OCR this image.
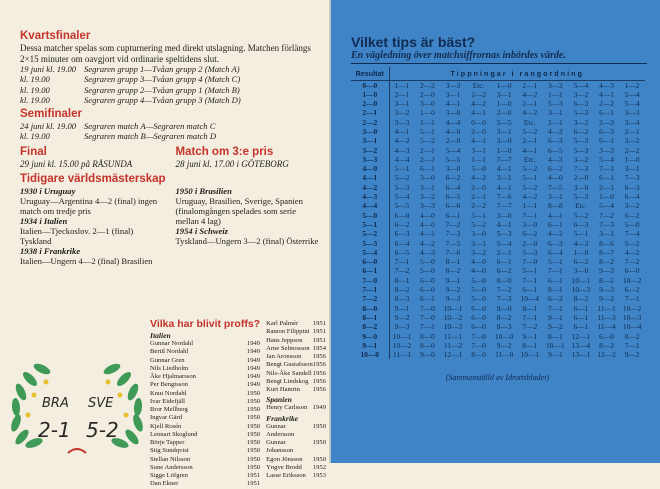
Kvartsfinaler
Dessa matcher spelas som cupturnering med direkt utslagning. Matchen förlängs 2×15 minuter om oavgjort vid ordinarie speltidens slut.
19 juni kl. 19.00 Segraren grupp 1—Tvåan grupp 2 (Match A)
kl. 19.00	Segraren grupp 3—Tvåan grupp 4 (Match C)
kl. 19.00	Segraren grupp 2—Tvåan grupp 1 (Match B)
kl. 19.00	Segraren grupp 4—Tvåan grupp 3 (Match D)
Semifinaler
24 juni kl. 19.00 Segraren match A—Segraren match C
kl. 19.00	Segraren match B—Segraren match D
Final
29 juni kl. 15.00 på RÅSUNDA
Match om 3:e pris
28 juni kl. 17.00 i GÖTEBORG
Tidigare världsmästerskap
1930 i Uruguay
Uruguay—Argentina 4—2 (final) ingen match om tredje pris
1934 i Italien
Italien—Tjeckoslov. 2—1 (final) Tyskland
1938 i Frankrike
Italien—Ungern 4—2 (final) Brasilien
1950 i Brasilien
Uruguay, Brasilien, Sverige, Spanien (finalomgången spelades som serie mellan 4 lag)
1954 i Schweiz
Tyskland—Ungern 3—2 (final) Österrike
Vilka har blivit proffs?
Italien
Gunnar Nordahl	1949
Bertil Nordahl	1949
Gunnar Gren	1949
Nils Liedholm	1949
Åke Hjalmarsson	1949
Per Bengtsson	1949
Knut Nordahl	1950
Ivar Eidefjäll	1950
Bror Mellberg	1950
Ingvar Gärd	1950
Kjell Rosén	1950
Lennart Skoglund	1950
Börje Tapper	1950
Stig Sundqvist	1950
Stellan Nilsson	1950
Sune Andersson	1950
Sigge Löfgren	1951
Dan Ekner	1951
Karl Palmér 1951
Ramon Filippini 1951
Hans Jeppson 1951
Arne Selmosson 1954
Jan Aronsson 1956
Bengt Gustafsson 1956
Nils-Åke Sandell 1956
Bengt Lindskog 1956
Kurt Hamrin 1956
Spanien
Henry Carlsson 1949
Frankrike
Gunnar Andersson
1950
Gunnar Johansson
1950
Egon Jönsson 1950
Yngve Brodd 1952
Lasse Eriksson 1953
BRA SVE
2-1 5-2
Vilket tips är bäst?
En vägledning över matchsiffrornas inbördes värde.
Resultat	Tippningar i rangordning									
0—0	1—1	2—2	3—3	Etc.	1—0	2—1	3—2	5—4	4—3	1—2
1—0	2—1	2—0	3—1	2—2	3—1	4—2	1—1	3—2	4—1	5—4
2—0	3—1	3—0	4—1	4—2	1—0	2—1	5—3	6—3	2—2	5—4
2—1	3—2	1—0	3—0	4—1	2—0	4—2	3—1	5—3	6—1	3—3
2—2	3—3	1—1	4—4	0—0	5—5	Etc.	2—1	3—2	2—3	3—4
3—0	4—1	5—1	4—0	2—0	3—1	5—2	4—2	6—2	6—3	2—1
3—1	4—2	5—2	2—0	4—1	3—0	2—1	6—3	5—3	6—1	3—2
3—2	4—3	2—1	5—4	3—1	1—0	4—1	6—5	5—3	3—3	2—2
3—3	4—4	2—2	5—5	1—1	7—7	Etc.	4—3	3—2	5—4	1—0
4—0	5—1	6—1	3—0	5—0	4—1	5—2	6—2	7—3	7—1	3—1
4—1	5—2	3—0	6—2	4—2	3—1	5—1	4—0	2—0	6—1	7—3
4—2	5—3	3—1	6—4	2—0	4—1	5—2	7—5	3—0	2—1	6—3
4—3	5—4	3—2	6—5	2—1	7—6	4—2	3—1	5—3	1—0	6—4
4—4	5—5	3—3	6—6	2—2	7—7	1—1	8—8	Etc.	5—4	3—2
5—0	6—0	4—0	6—1	5—1	3—0	7—1	4—1	5—2	7—2	6—2
5—1	6—2	4—0	7—2	5—2	4—1	3—0	6—1	6—3	7—3	5—0
5—2	6—3	4—1	7—3	3—0	5—3	6—2	4—2	5—1	3—1	7—4
5—3	6—4	4—2	7—5	3—1	5—4	2—0	6—3	4—3	8—6	5—2
5—4	6—5	4—3	7—6	3—2	2—1	5—3	6—4	1—0	8—7	4—2
6—0	7—1	5—0	8—1	4—0	6—1	7—0	5—1	6—2	8—2	7—2
6—1	7—2	5—0	8—2	4—0	6—2	5—1	7—1	3—0	9—3	6—0
7—0	8—1	6—0	9—1	5—0	8—0	7—1	6—1	10—1	8—2	10—2
7—1	8—2	6—0	9—2	5—0	7—2	6—1	8—1	10—3	9—3	6—2
7—2	8—3	6—1	9—3	5—0	7—3	10—4	6—2	8—2	9—2	7—1
8—0	9—1	7—0	10—1	6—0	9—0	8—1	7—1	6—1	11—1	10—2
8—1	9—2	7—0	10—2	6—0	8—2	7—1	9—1	6—1	11—3	10—3
8—2	9—3	7—1	10—3	6—0	8—3	7—2	9—2	6—1	11—4	10—4
9—0	10—1	8—0	11—1	7—0	10—0	9—1	8—1	12—1	6—0	8—2
9—1	10—2	8—0	11—2	7—0	9—2	8—1	10—1	13—4	8—2	7—1
10—0	11—1	9—0	12—1	8—0	11—0	10—1	9—1	13—1	12—2	9—2
(Sammanställd av Idrottsbladet)
